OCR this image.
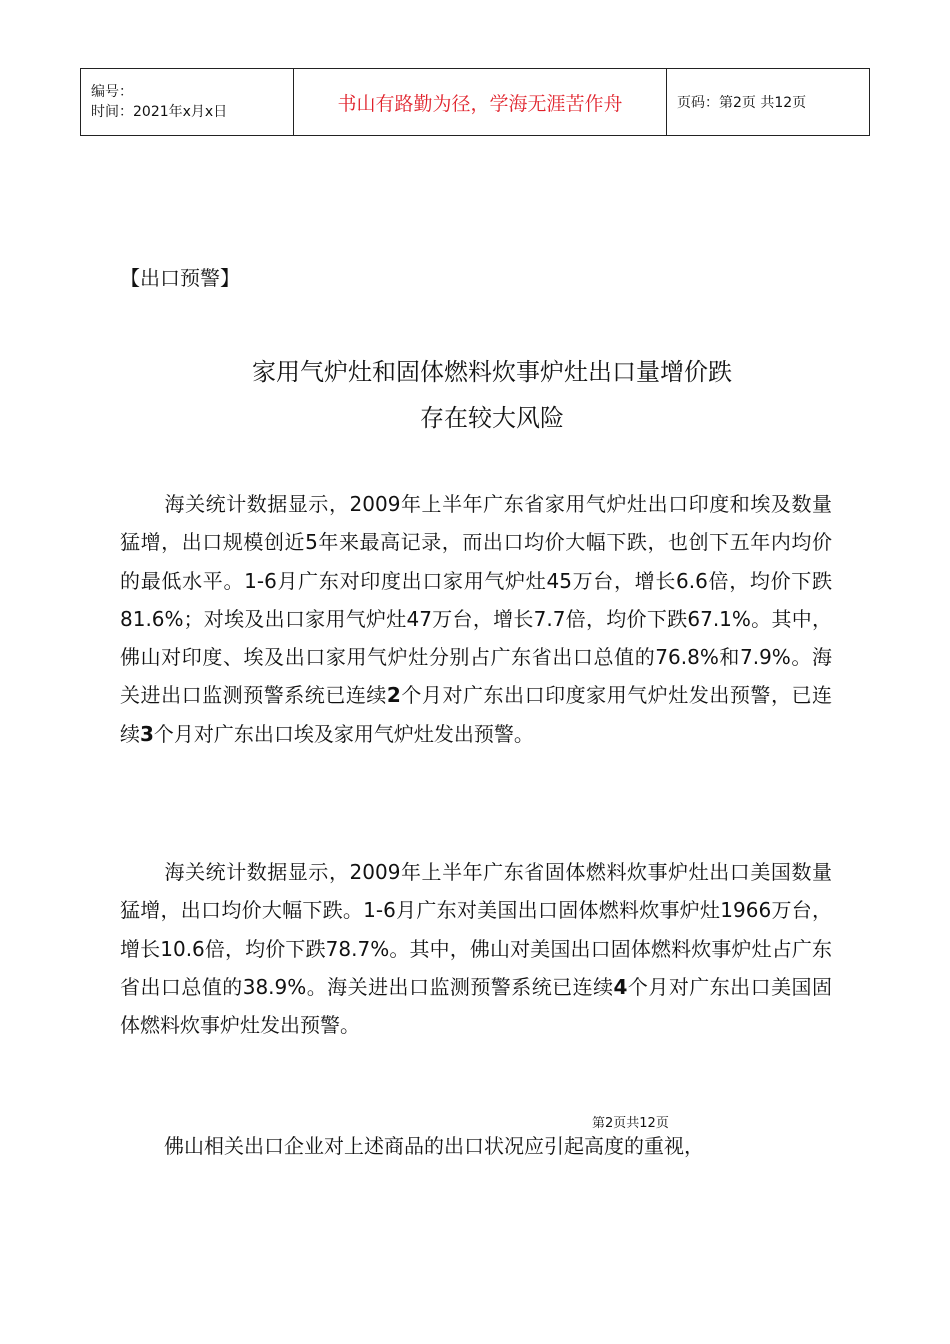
编号：
时间：2021年x月x日	书山有路勤为径，学海无涯苦作舟	页码：第2页 共12页
【出口预警】
家用气炉灶和固体燃料炊事炉灶出口量增价跌
存在较大风险

海关统计数据显示，2009年上半年广东省家用气炉灶出口印度和埃及数量猛增，出口规模创近5年来最高记录，而出口均价大幅下跌，也创下五年内均价的最低水平。1-6月广东对印度出口家用气炉灶45万台，增长6.6倍，均价下跌81.6%；对埃及出口家用气炉灶47万台，增长7.7倍，均价下跌67.1%。其中，佛山对印度、埃及出口家用气炉灶分别占广东省出口总值的76.8%和7.9%。海关进出口监测预警系统已连续2个月对广东出口印度家用气炉灶发出预警，已连续3个月对广东出口埃及家用气炉灶发出预警。

海关统计数据显示，2009年上半年广东省固体燃料炊事炉灶出口美国数量猛增，出口均价大幅下跌。1-6月广东对美国出口固体燃料炊事炉灶1966万台，增长10.6倍，均价下跌78.7%。其中，佛山对美国出口固体燃料炊事炉灶占广东省出口总值的38.9%。海关进出口监测预警系统已连续4个月对广东出口美国固体燃料炊事炉灶发出预警。

第2页共12页

佛山相关出口企业对上述商品的出口状况应引起高度的重视，
